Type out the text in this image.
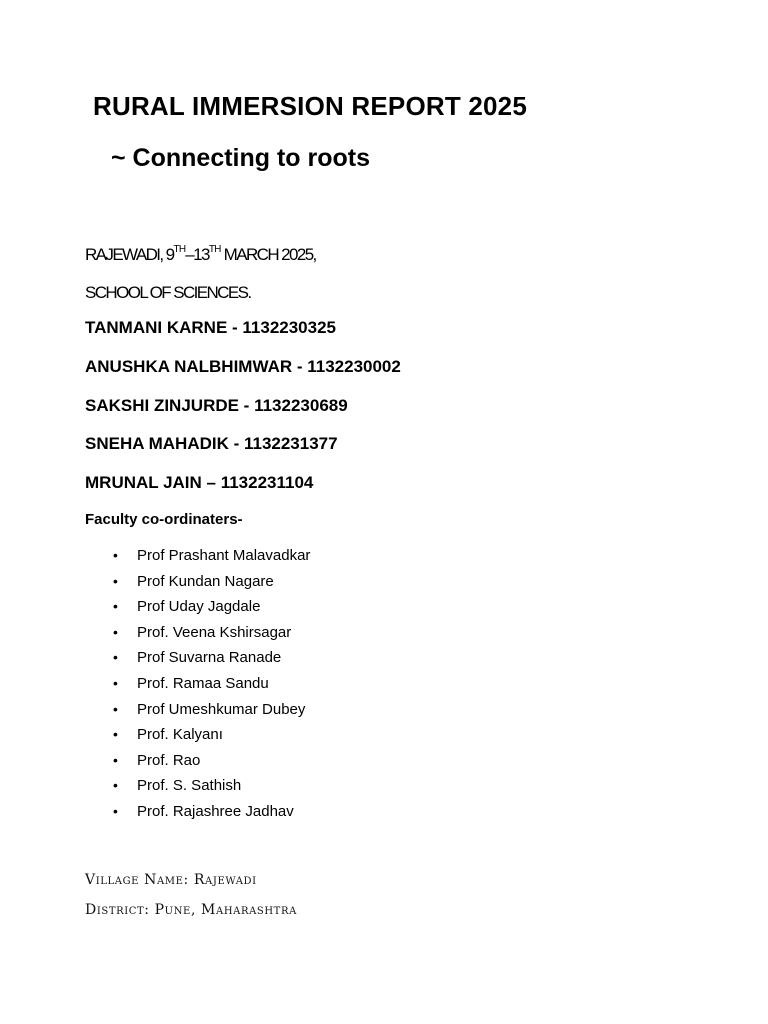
RURAL IMMERSION REPORT 2025
~ Connecting to roots
RAJEWADI, 9TH–13TH MARCH 2025,
SCHOOL OF SCIENCES.
TANMANI KARNE - 1132230325
ANUSHKA NALBHIMWAR - 1132230002
SAKSHI ZINJURDE - 1132230689
SNEHA MAHADIK - 1132231377
MRUNAL JAIN – 1132231104
Faculty co-ordinaters-
• Prof Prashant Malavadkar
• Prof Kundan Nagare
• Prof Uday Jagdale
• Prof. Veena Kshirsagar
• Prof Suvarna Ranade
• Prof. Ramaa Sandu
• Prof Umeshkumar Dubey
• Prof. Kalyanı
• Prof. Rao
• Prof. S. Sathish
• Prof. Rajashree Jadhav
Village Name: Rajewadi
District: Pune, Maharashtra
